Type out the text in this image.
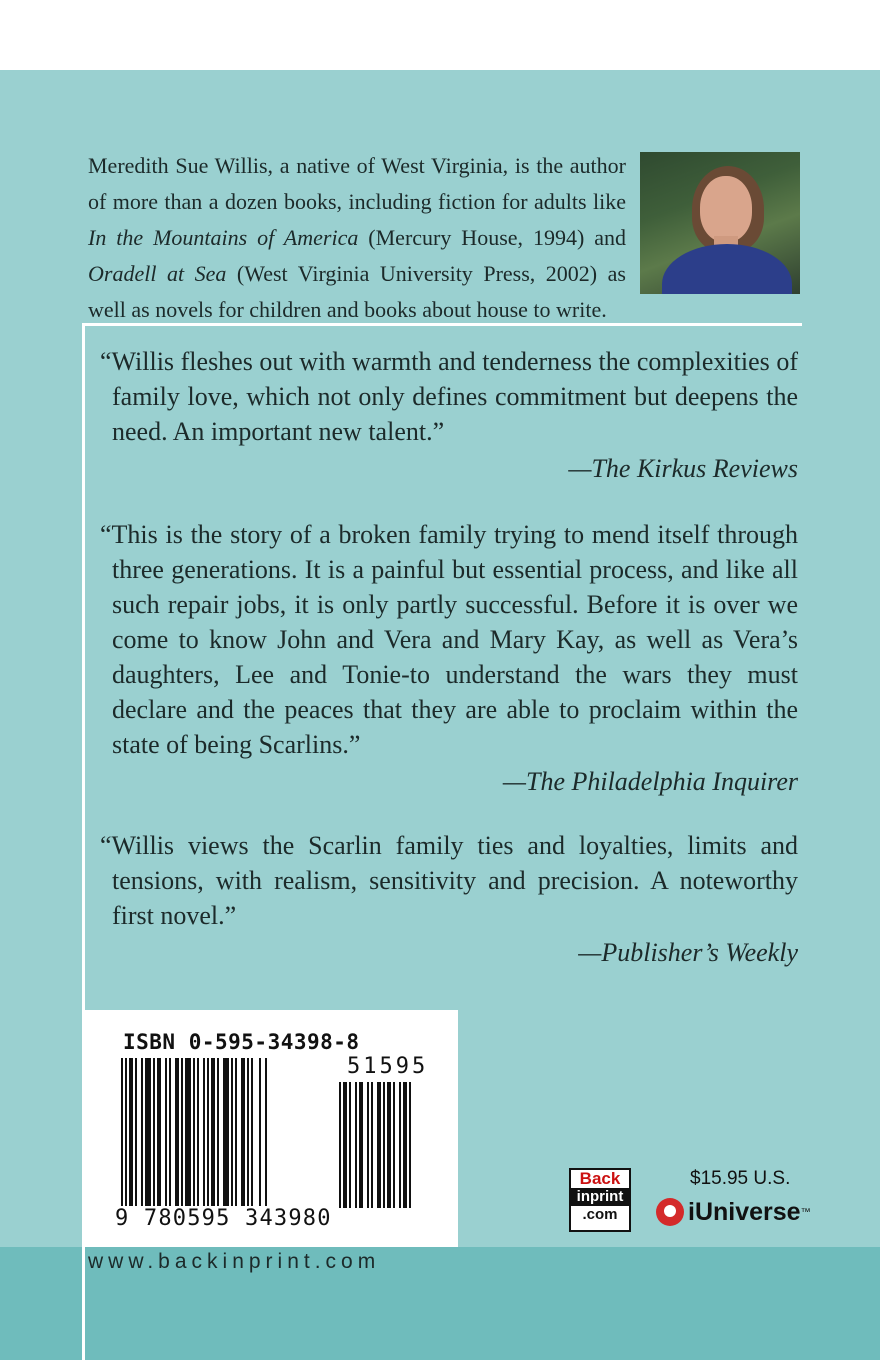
Meredith Sue Willis, a native of West Virginia, is the author of more than a dozen books, including fiction for adults like In the Mountains of America (Mercury House, 1994) and Oradell at Sea (West Virginia University Press, 2002) as well as novels for children and books about house to write.
“Willis fleshes out with warmth and tenderness the complexities of family love, which not only defines commitment but deepens the need. An important new talent.”
—The Kirkus Reviews
“This is the story of a broken family trying to mend itself through three generations. It is a painful but essential process, and like all such repair jobs, it is only partly successful. Before it is over we come to know John and Vera and Mary Kay, as well as Vera’s daughters, Lee and Tonie-to understand the wars they must declare and the peaces that they are able to proclaim within the state of being Scarlins.”
—The Philadelphia Inquirer
“Willis views the Scarlin family ties and loyalties, limits and tensions, with realism, sensitivity and precision. A noteworthy first novel.”
—Publisher’s Weekly
ISBN 0-595-34398-8
51595
9 780595 343980
Back
inprint
.com
$15.95 U.S.
iUniverse ™
www.backinprint.com
